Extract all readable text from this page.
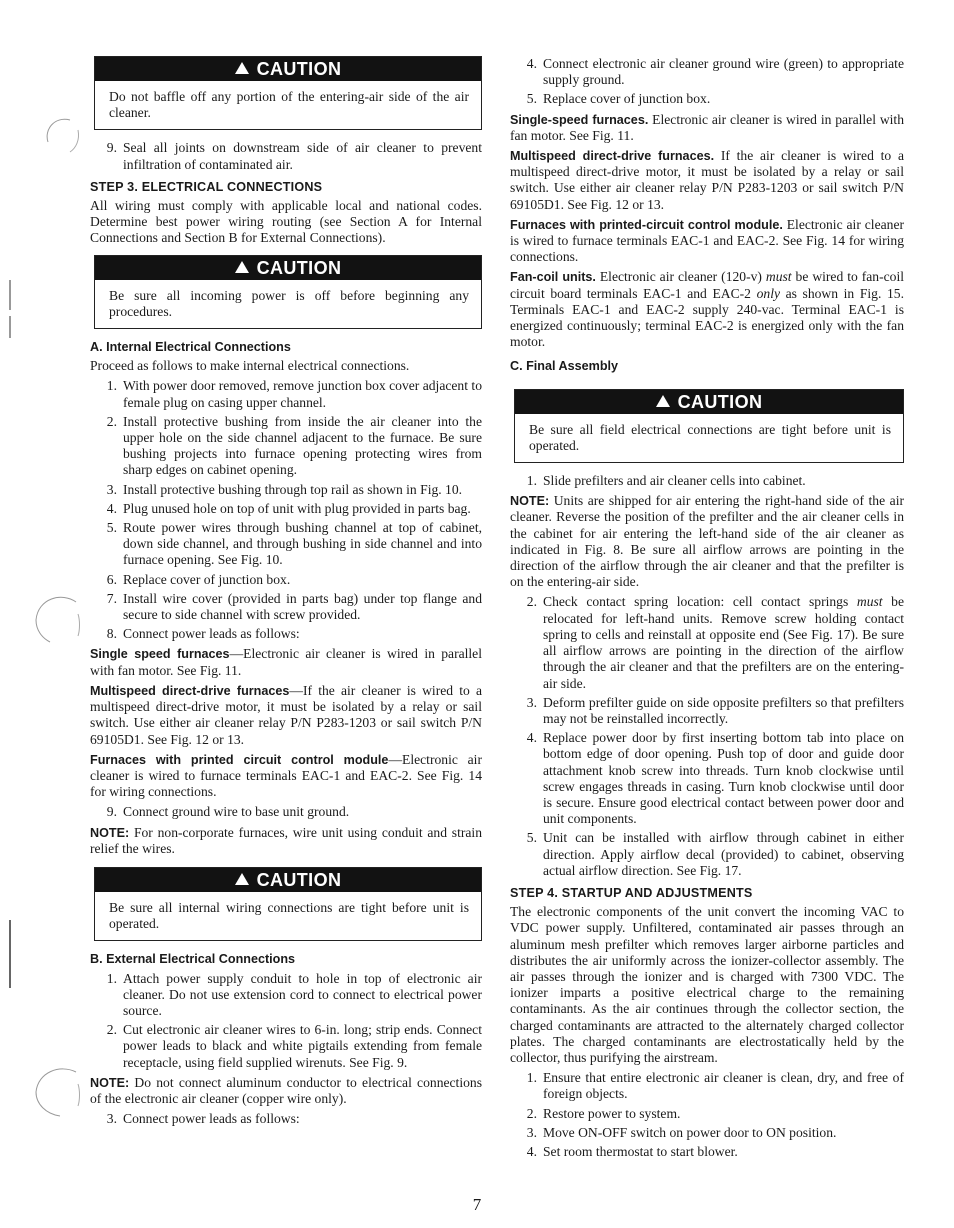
CAUTION
Do not baffle off any portion of the entering-air side of the air cleaner.
9. Seal all joints on downstream side of air cleaner to prevent infiltration of contaminated air.
STEP 3. ELECTRICAL CONNECTIONS

All wiring must comply with applicable local and national codes. Determine best power wiring routing (see Section A for Internal Connections and Section B for External Connections).

CAUTION
Be sure all incoming power is off before beginning any procedures.
A. Internal Electrical Connections

Proceed as follows to make internal electrical connections.

1. With power door removed, remove junction box cover adjacent to female plug on casing upper channel.
2. Install protective bushing from inside the air cleaner into the upper hole on the side channel adjacent to the furnace. Be sure bushing projects into furnace opening protecting wires from sharp edges on cabinet opening.
3. Install protective bushing through top rail as shown in Fig. 10.
4. Plug unused hole on top of unit with plug provided in parts bag.
5. Route power wires through bushing channel at top of cabinet, down side channel, and through bushing in side channel and into furnace opening. See Fig. 10.
6. Replace cover of junction box.
7. Install wire cover (provided in parts bag) under top flange and secure to side channel with screw provided.
8. Connect power leads as follows:

Single speed furnaces—Electronic air cleaner is wired in parallel with fan motor. See Fig. 11.

Multispeed direct-drive furnaces—If the air cleaner is wired to a multispeed direct-drive motor, it must be isolated by a relay or sail switch. Use either air cleaner relay P/N P283-1203 or sail switch P/N 69105D1. See Fig. 12 or 13.

Furnaces with printed circuit control module—Electronic air cleaner is wired to furnace terminals EAC-1 and EAC-2. See Fig. 14 for wiring connections.

9. Connect ground wire to base unit ground.

NOTE: For non-corporate furnaces, wire unit using conduit and strain relief the wires.

CAUTION
Be sure all internal wiring connections are tight before unit is operated.
B. External Electrical Connections
1. Attach power supply conduit to hole in top of electronic air cleaner. Do not use extension cord to connect to electrical power source.
2. Cut electronic air cleaner wires to 6-in. long; strip ends. Connect power leads to black and white pigtails extending from female receptacle, using field supplied wirenuts. See Fig. 9.

NOTE: Do not connect aluminum conductor to electrical connections of the electronic air cleaner (copper wire only).

3. Connect power leads as follows:
4. Connect electronic air cleaner ground wire (green) to appropriate supply ground.
5. Replace cover of junction box.

Single-speed furnaces. Electronic air cleaner is wired in parallel with fan motor. See Fig. 11.

Multispeed direct-drive furnaces. If the air cleaner is wired to a multispeed direct-drive motor, it must be isolated by a relay or sail switch. Use either air cleaner relay P/N P283-1203 or sail switch P/N 69105D1. See Fig. 12 or 13.

Furnaces with printed-circuit control module. Electronic air cleaner is wired to furnace terminals EAC-1 and EAC-2. See Fig. 14 for wiring connections.

Fan-coil units. Electronic air cleaner (120-v) must be wired to fan-coil circuit board terminals EAC-1 and EAC-2 only as shown in Fig. 15. Terminals EAC-1 and EAC-2 supply 240-vac. Terminal EAC-1 is energized continuously; terminal EAC-2 is energized only with the fan motor.

C. Final Assembly
CAUTION
Be sure all field electrical connections are tight before unit is operated.
1. Slide prefilters and air cleaner cells into cabinet.

NOTE: Units are shipped for air entering the right-hand side of the air cleaner. Reverse the position of the prefilter and the air cleaner cells in the cabinet for air entering the left-hand side of the air cleaner as indicated in Fig. 8. Be sure all airflow arrows are pointing in the direction of the airflow through the air cleaner and that the prefilter is on the entering-air side.

2. Check contact spring location: cell contact springs must be relocated for left-hand units. Remove screw holding contact spring to cells and reinstall at opposite end (See Fig. 17). Be sure all airflow arrows are pointing in the direction of the airflow through the air cleaner and that the prefilters are on the entering-air side.
3. Deform prefilter guide on side opposite prefilters so that prefilters may not be reinstalled incorrectly.
4. Replace power door by first inserting bottom tab into place on bottom edge of door opening. Push top of door and guide door attachment knob screw into threads. Turn knob clockwise until screw engages threads in casing. Turn knob clockwise until door is secure. Ensure good electrical contact between power door and unit components.
5. Unit can be installed with airflow through cabinet in either direction. Apply airflow decal (provided) to cabinet, observing actual airflow direction. See Fig. 17.
STEP 4. STARTUP AND ADJUSTMENTS

The electronic components of the unit convert the incoming VAC to VDC power supply. Unfiltered, contaminated air passes through an aluminum mesh prefilter which removes larger airborne particles and distributes the air uniformly across the ionizer-collector assembly. The air passes through the ionizer and is charged with 7300 VDC. The ionizer imparts a positive electrical charge to the remaining contaminants. As the air continues through the collector section, the charged contaminants are attracted to the alternately charged collector plates. The charged contaminants are electrostatically held by the collector, thus purifying the airstream.

1. Ensure that entire electronic air cleaner is clean, dry, and free of foreign objects.
2. Restore power to system.
3. Move ON-OFF switch on power door to ON position.
4. Set room thermostat to start blower.
7
